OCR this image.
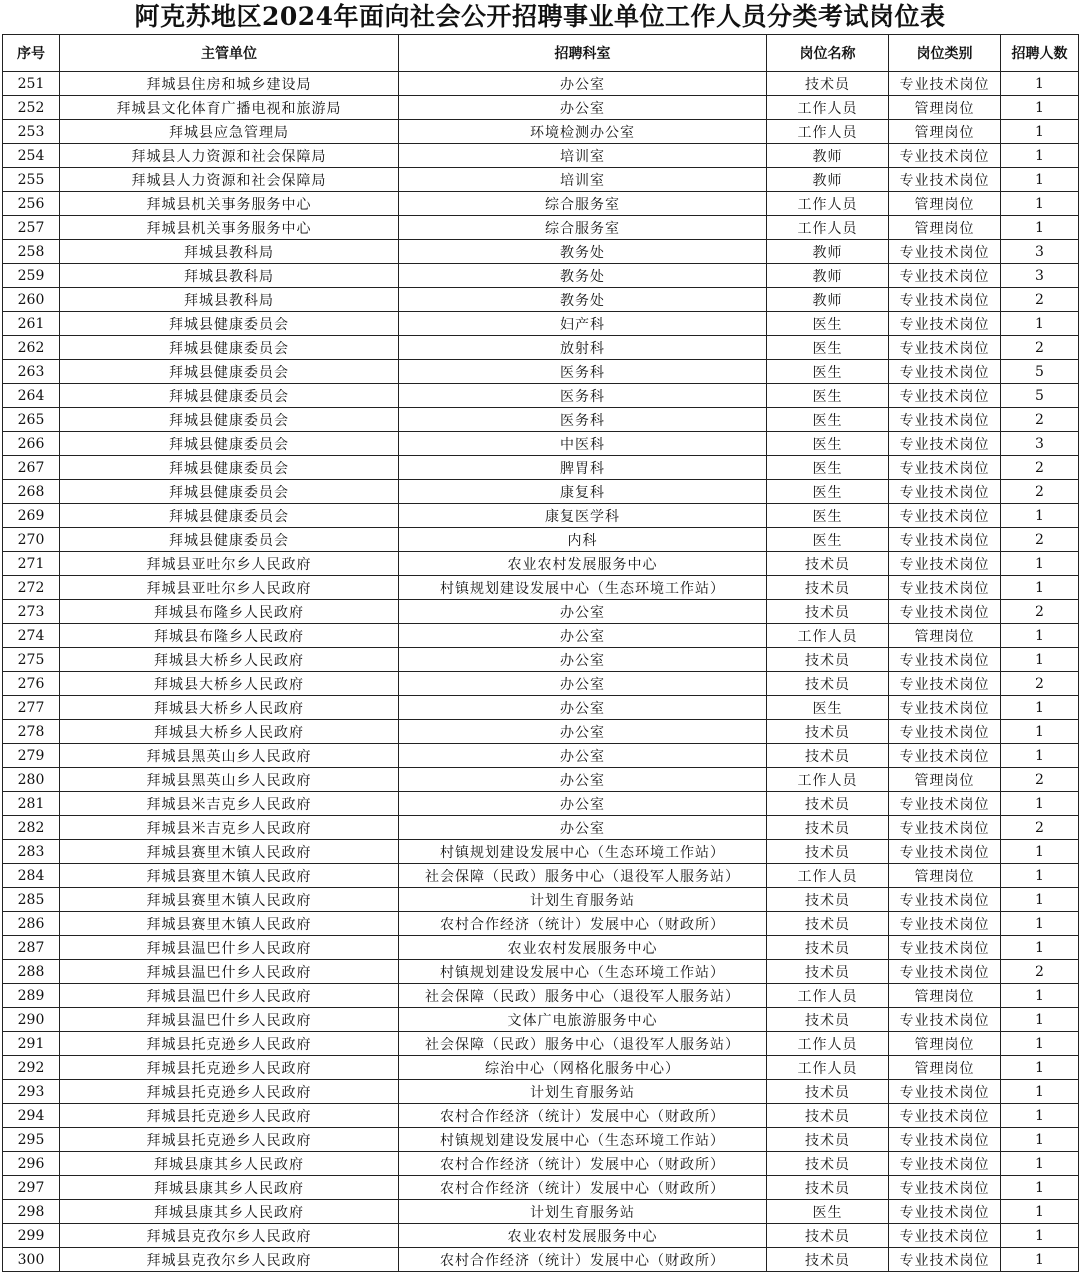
阿克苏地区2024年面向社会公开招聘事业单位工作人员分类考试岗位表
序号	主管单位	招聘科室	岗位名称	岗位类别	招聘人数
251	拜城县住房和城乡建设局	办公室	技术员	专业技术岗位	1
252	拜城县文化体育广播电视和旅游局	办公室	工作人员	管理岗位	1
253	拜城县应急管理局	环境检测办公室	工作人员	管理岗位	1
254	拜城县人力资源和社会保障局	培训室	教师	专业技术岗位	1
255	拜城县人力资源和社会保障局	培训室	教师	专业技术岗位	1
256	拜城县机关事务服务中心	综合服务室	工作人员	管理岗位	1
257	拜城县机关事务服务中心	综合服务室	工作人员	管理岗位	1
258	拜城县教科局	教务处	教师	专业技术岗位	3
259	拜城县教科局	教务处	教师	专业技术岗位	3
260	拜城县教科局	教务处	教师	专业技术岗位	2
261	拜城县健康委员会	妇产科	医生	专业技术岗位	1
262	拜城县健康委员会	放射科	医生	专业技术岗位	2
263	拜城县健康委员会	医务科	医生	专业技术岗位	5
264	拜城县健康委员会	医务科	医生	专业技术岗位	5
265	拜城县健康委员会	医务科	医生	专业技术岗位	2
266	拜城县健康委员会	中医科	医生	专业技术岗位	3
267	拜城县健康委员会	脾胃科	医生	专业技术岗位	2
268	拜城县健康委员会	康复科	医生	专业技术岗位	2
269	拜城县健康委员会	康复医学科	医生	专业技术岗位	1
270	拜城县健康委员会	内科	医生	专业技术岗位	2
271	拜城县亚吐尔乡人民政府	农业农村发展服务中心	技术员	专业技术岗位	1
272	拜城县亚吐尔乡人民政府	村镇规划建设发展中心（生态环境工作站）	技术员	专业技术岗位	1
273	拜城县布隆乡人民政府	办公室	技术员	专业技术岗位	2
274	拜城县布隆乡人民政府	办公室	工作人员	管理岗位	1
275	拜城县大桥乡人民政府	办公室	技术员	专业技术岗位	1
276	拜城县大桥乡人民政府	办公室	技术员	专业技术岗位	2
277	拜城县大桥乡人民政府	办公室	医生	专业技术岗位	1
278	拜城县大桥乡人民政府	办公室	技术员	专业技术岗位	1
279	拜城县黑英山乡人民政府	办公室	技术员	专业技术岗位	1
280	拜城县黑英山乡人民政府	办公室	工作人员	管理岗位	2
281	拜城县米吉克乡人民政府	办公室	技术员	专业技术岗位	1
282	拜城县米吉克乡人民政府	办公室	技术员	专业技术岗位	2
283	拜城县赛里木镇人民政府	村镇规划建设发展中心（生态环境工作站）	技术员	专业技术岗位	1
284	拜城县赛里木镇人民政府	社会保障（民政）服务中心（退役军人服务站）	工作人员	管理岗位	1
285	拜城县赛里木镇人民政府	计划生育服务站	技术员	专业技术岗位	1
286	拜城县赛里木镇人民政府	农村合作经济（统计）发展中心（财政所）	技术员	专业技术岗位	1
287	拜城县温巴什乡人民政府	农业农村发展服务中心	技术员	专业技术岗位	1
288	拜城县温巴什乡人民政府	村镇规划建设发展中心（生态环境工作站）	技术员	专业技术岗位	2
289	拜城县温巴什乡人民政府	社会保障（民政）服务中心（退役军人服务站）	工作人员	管理岗位	1
290	拜城县温巴什乡人民政府	文体广电旅游服务中心	技术员	专业技术岗位	1
291	拜城县托克逊乡人民政府	社会保障（民政）服务中心（退役军人服务站）	工作人员	管理岗位	1
292	拜城县托克逊乡人民政府	综治中心（网格化服务中心）	工作人员	管理岗位	1
293	拜城县托克逊乡人民政府	计划生育服务站	技术员	专业技术岗位	1
294	拜城县托克逊乡人民政府	农村合作经济（统计）发展中心（财政所）	技术员	专业技术岗位	1
295	拜城县托克逊乡人民政府	村镇规划建设发展中心（生态环境工作站）	技术员	专业技术岗位	1
296	拜城县康其乡人民政府	农村合作经济（统计）发展中心（财政所）	技术员	专业技术岗位	1
297	拜城县康其乡人民政府	农村合作经济（统计）发展中心（财政所）	技术员	专业技术岗位	1
298	拜城县康其乡人民政府	计划生育服务站	医生	专业技术岗位	1
299	拜城县克孜尔乡人民政府	农业农村发展服务中心	技术员	专业技术岗位	1
300	拜城县克孜尔乡人民政府	农村合作经济（统计）发展中心（财政所）	技术员	专业技术岗位	1
